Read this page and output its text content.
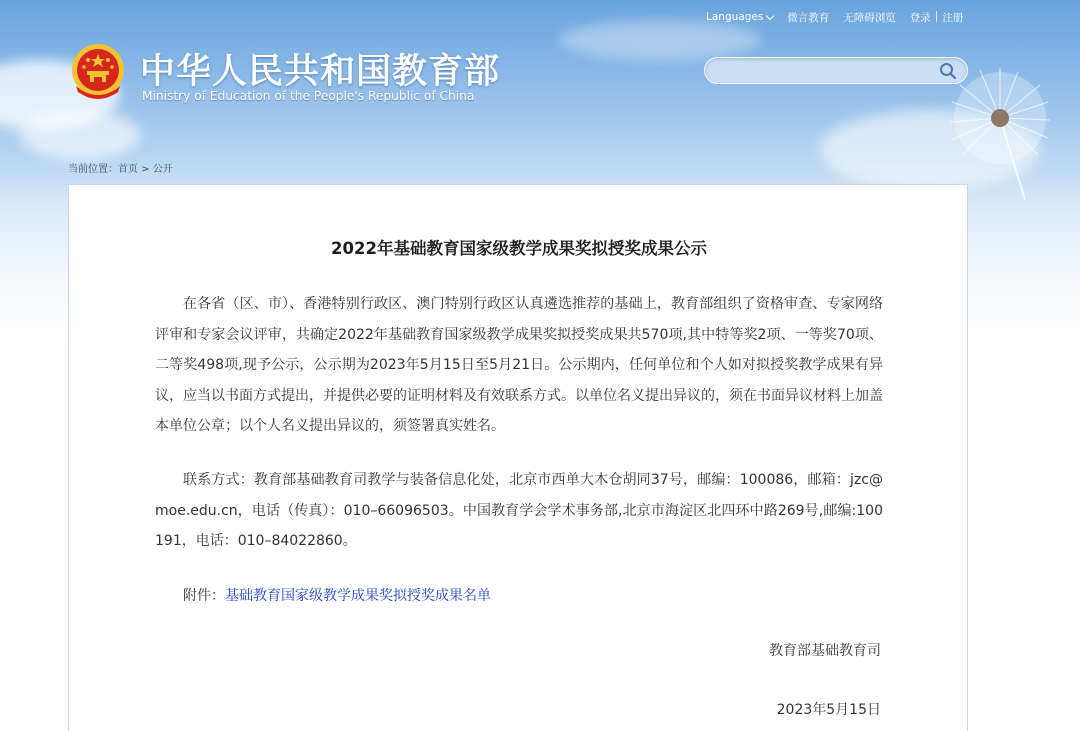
Languages 微言教育 无障碍浏览 登录 | 注册
中华人民共和国教育部
Ministry of Education of the People's Republic of China
当前位置：首页 > 公开
2022年基础教育国家级教学成果奖拟授奖成果公示

在各省（区、市）、香港特别行政区、澳门特别行政区认真遴选推荐的基础上，教育部组织了资格审查、专家网络评审和专家会议评审，共确定2022年基础教育国家级教学成果奖拟授奖成果共570项,其中特等奖2项、一等奖70项、二等奖498项,现予公示，公示期为2023年5月15日至5月21日。公示期内，任何单位和个人如对拟授奖教学成果有异议，应当以书面方式提出，并提供必要的证明材料及有效联系方式。以单位名义提出异议的，须在书面异议材料上加盖本单位公章；以个人名义提出异议的，须签署真实姓名。

联系方式：教育部基础教育司教学与装备信息化处，北京市西单大木仓胡同37号，邮编：100086，邮箱：jzc@moe.edu.cn，电话（传真）：010–66096503。中国教育学会学术事务部,北京市海淀区北四环中路269号,邮编:100191，电话：010–84022860。

附件：基础教育国家级教学成果奖拟授奖成果名单

教育部基础教育司
2023年5月15日
